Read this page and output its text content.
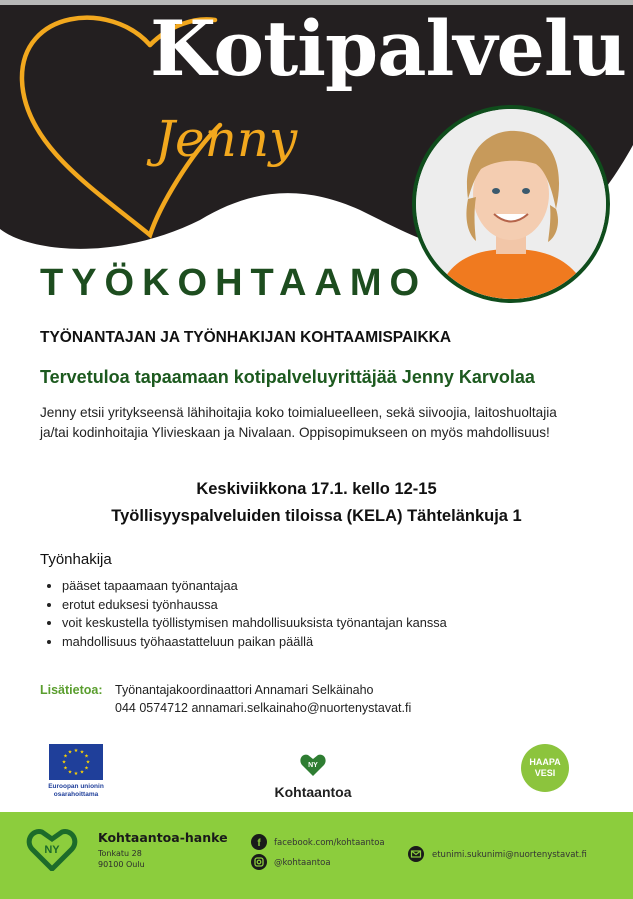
Kotipalvelu
Jenny
TYÖKOHTAAMO
TYÖNANTAJAN JA TYÖNHAKIJAN KOHTAAMISPAIKKA
Tervetuloa tapaamaan kotipalveluyrittäjää Jenny Karvolaa
Jenny etsii yritykseensä lähihoitajia koko toimialueelleen, sekä siivoojia, laitoshuoltajia ja/tai kodinhoitajia Ylivieskaan ja Nivalaan. Oppisopimukseen on myös mahdollisuus!
Keskiviikkona 17.1. kello 12-15
Työllisyyspalveluiden tiloissa (KELA) Tähtelänkuja 1
Työnhakija
• pääset tapaamaan työnantajaa
• erotut eduksesi työnhaussa
• voit keskustella työllistymisen mahdollisuuksista työnantajan kanssa
• mahdollisuus työhaastatteluun paikan päällä
Lisätietoa: Työnantajakoordinaattori Annamari Selkäinaho
044 0574712 annamari.selkainaho@nuortenystavat.fi
★ ★
★
★
★
★
★
★
★
★
★
★
Euroopan unionin
osarahoittama
NY
Kohtaantoa
HAAPA
VESI
NY
Kohtaantoa-hanke
Tonkatu 28
90100 Oulu
f facebook.com/kohtaantoa
@kohtaantoa
etunimi.sukunimi@nuortenystavat.fi
